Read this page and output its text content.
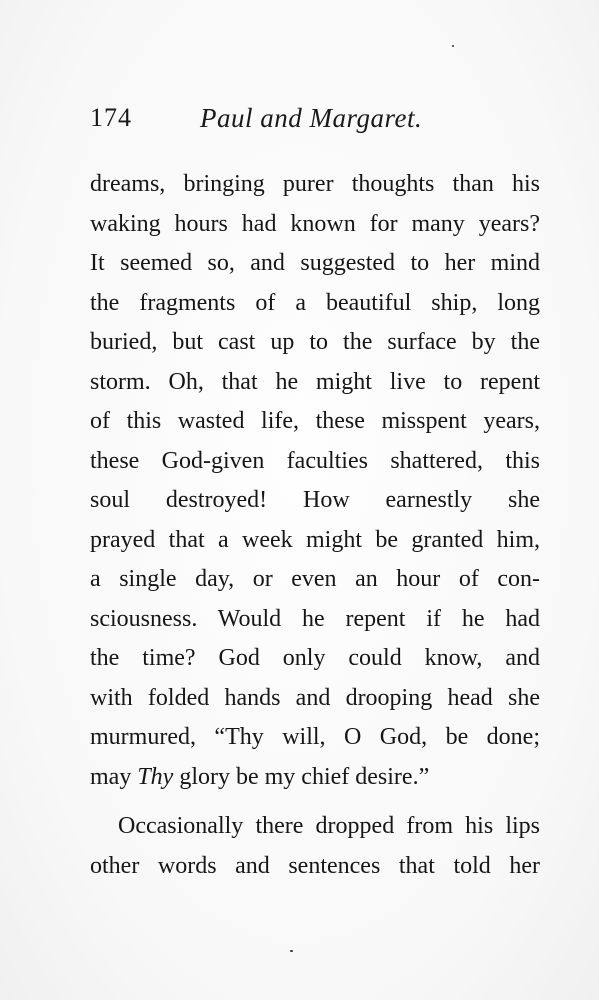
174	Paul and Margaret.
dreams, bringing purer thoughts than his
waking hours had known for many years?
It seemed so, and suggested to her mind
the fragments of a beautiful ship, long
buried, but cast up to the surface by the
storm. Oh, that he might live to repent
of this wasted life, these misspent years,
these God-given faculties shattered, this
soul destroyed! How earnestly she
prayed that a week might be granted him,
a single day, or even an hour of con-
sciousness. Would he repent if he had
the time? God only could know, and
with folded hands and drooping head she
murmured, “Thy will, O God, be done;
may Thy glory be my chief desire.”
Occasionally there dropped from his lips
other words and sentences that told her
